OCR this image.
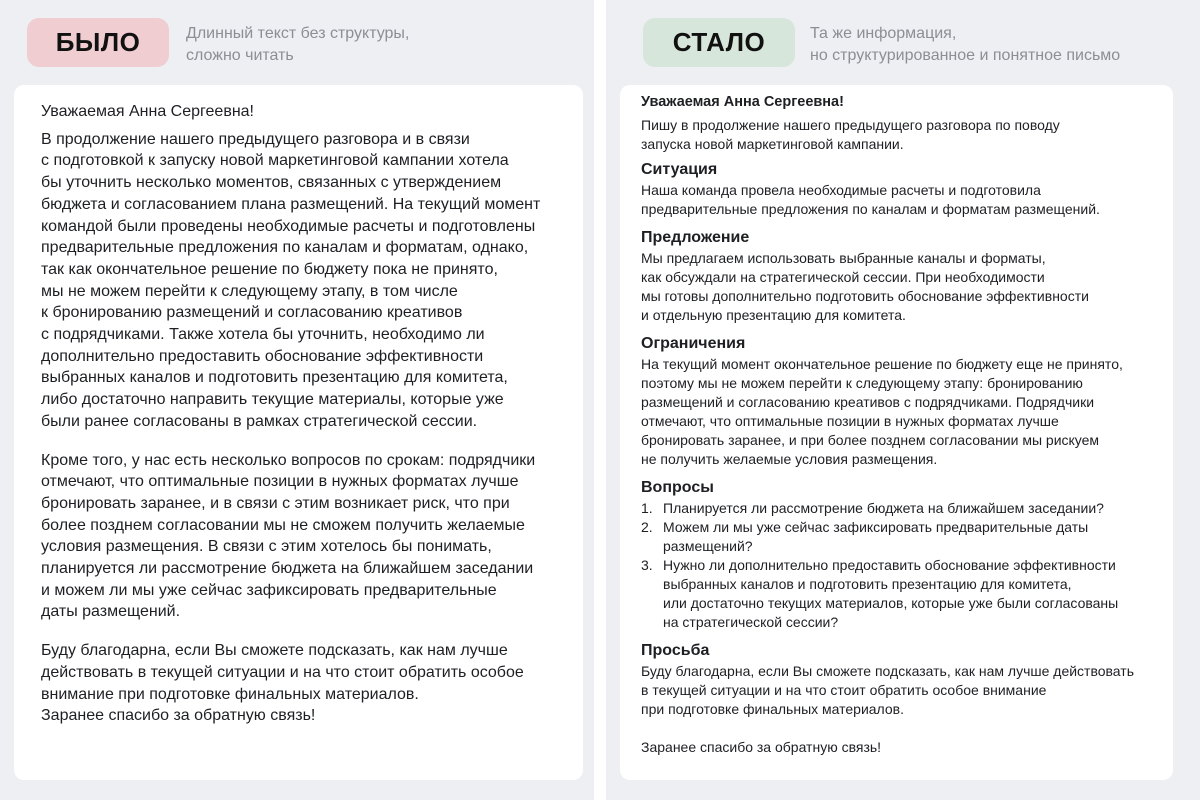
БЫЛО	Длинный текст без структуры,
сложно читать	СТАЛО	Та же информация,
но структурированное и понятное письмо
Уважаемая Анна Сергеевна!
В продолжение нашего предыдущего разговора и в связи
с подготовкой к запуску новой маркетинговой кампании хотела
бы уточнить несколько моментов, связанных с утверждением
бюджета и согласованием плана размещений. На текущий момент
командой были проведены необходимые расчеты и подготовлены
предварительные предложения по каналам и форматам, однако,
так как окончательное решение по бюджету пока не принято,
мы не можем перейти к следующему этапу, в том числе
к бронированию размещений и согласованию креативов
с подрядчиками. Также хотела бы уточнить, необходимо ли
дополнительно предоставить обоснование эффективности
выбранных каналов и подготовить презентацию для комитета,
либо достаточно направить текущие материалы, которые уже
были ранее согласованы в рамках стратегической сессии.
Кроме того, у нас есть несколько вопросов по срокам: подрядчики
отмечают, что оптимальные позиции в нужных форматах лучше
бронировать заранее, и в связи с этим возникает риск, что при
более позднем согласовании мы не сможем получить желаемые
условия размещения. В связи с этим хотелось бы понимать,
планируется ли рассмотрение бюджета на ближайшем заседании
и можем ли мы уже сейчас зафиксировать предварительные
даты размещений.
Буду благодарна, если Вы сможете подсказать, как нам лучше
действовать в текущей ситуации и на что стоит обратить особое
внимание при подготовке финальных материалов.
Заранее спасибо за обратную связь!
Уважаемая Анна Сергеевна!
Пишу в продолжение нашего предыдущего разговора по поводу
запуска новой маркетинговой кампании.
Ситуация
Наша команда провела необходимые расчеты и подготовила
предварительные предложения по каналам и форматам размещений.
Предложение
Мы предлагаем использовать выбранные каналы и форматы,
как обсуждали на стратегической сессии. При необходимости
мы готовы дополнительно подготовить обоснование эффективности
и отдельную презентацию для комитета.
Ограничения
На текущий момент окончательное решение по бюджету еще не принято,
поэтому мы не можем перейти к следующему этапу: бронированию
размещений и согласованию креативов с подрядчиками. Подрядчики
отмечают, что оптимальные позиции в нужных форматах лучше
бронировать заранее, и при более позднем согласовании мы рискуем
не получить желаемые условия размещения.
Вопросы
1. Планируется ли рассмотрение бюджета на ближайшем заседании?
2. Можем ли мы уже сейчас зафиксировать предварительные даты
размещений?
3. Нужно ли дополнительно предоставить обоснование эффективности
выбранных каналов и подготовить презентацию для комитета,
или достаточно текущих материалов, которые уже были согласованы
на стратегической сессии?
Просьба
Буду благодарна, если Вы сможете подсказать, как нам лучше действовать
в текущей ситуации и на что стоит обратить особое внимание
при подготовке финальных материалов.
Заранее спасибо за обратную связь!
